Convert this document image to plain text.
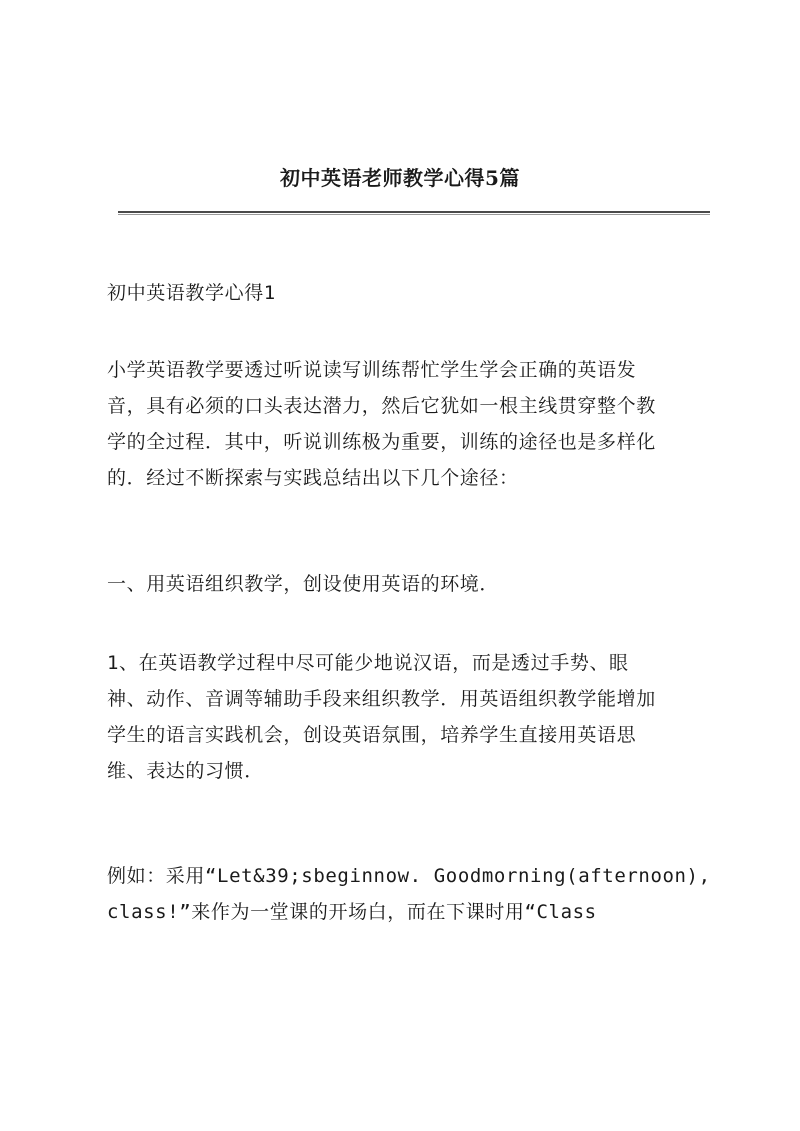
初中英语老师教学心得5篇

初中英语教学心得1

小学英语教学要透过听说读写训练帮忙学生学会正确的英语发
音，具有必须的口头表达潜力，然后它犹如一根主线贯穿整个教
学的全过程．其中，听说训练极为重要，训练的途径也是多样化
的．经过不断探索与实践总结出以下几个途径：

一、用英语组织教学，创设使用英语的环境．

1、在英语教学过程中尽可能少地说汉语，而是透过手势、眼
神、动作、音调等辅助手段来组织教学．用英语组织教学能增加
学生的语言实践机会，创设英语氛围，培养学生直接用英语思
维、表达的习惯．

例如：采用“Let&39;sbeginnow. Goodmorning(afternoon),
class!”来作为一堂课的开场白，而在下课时用“Class
